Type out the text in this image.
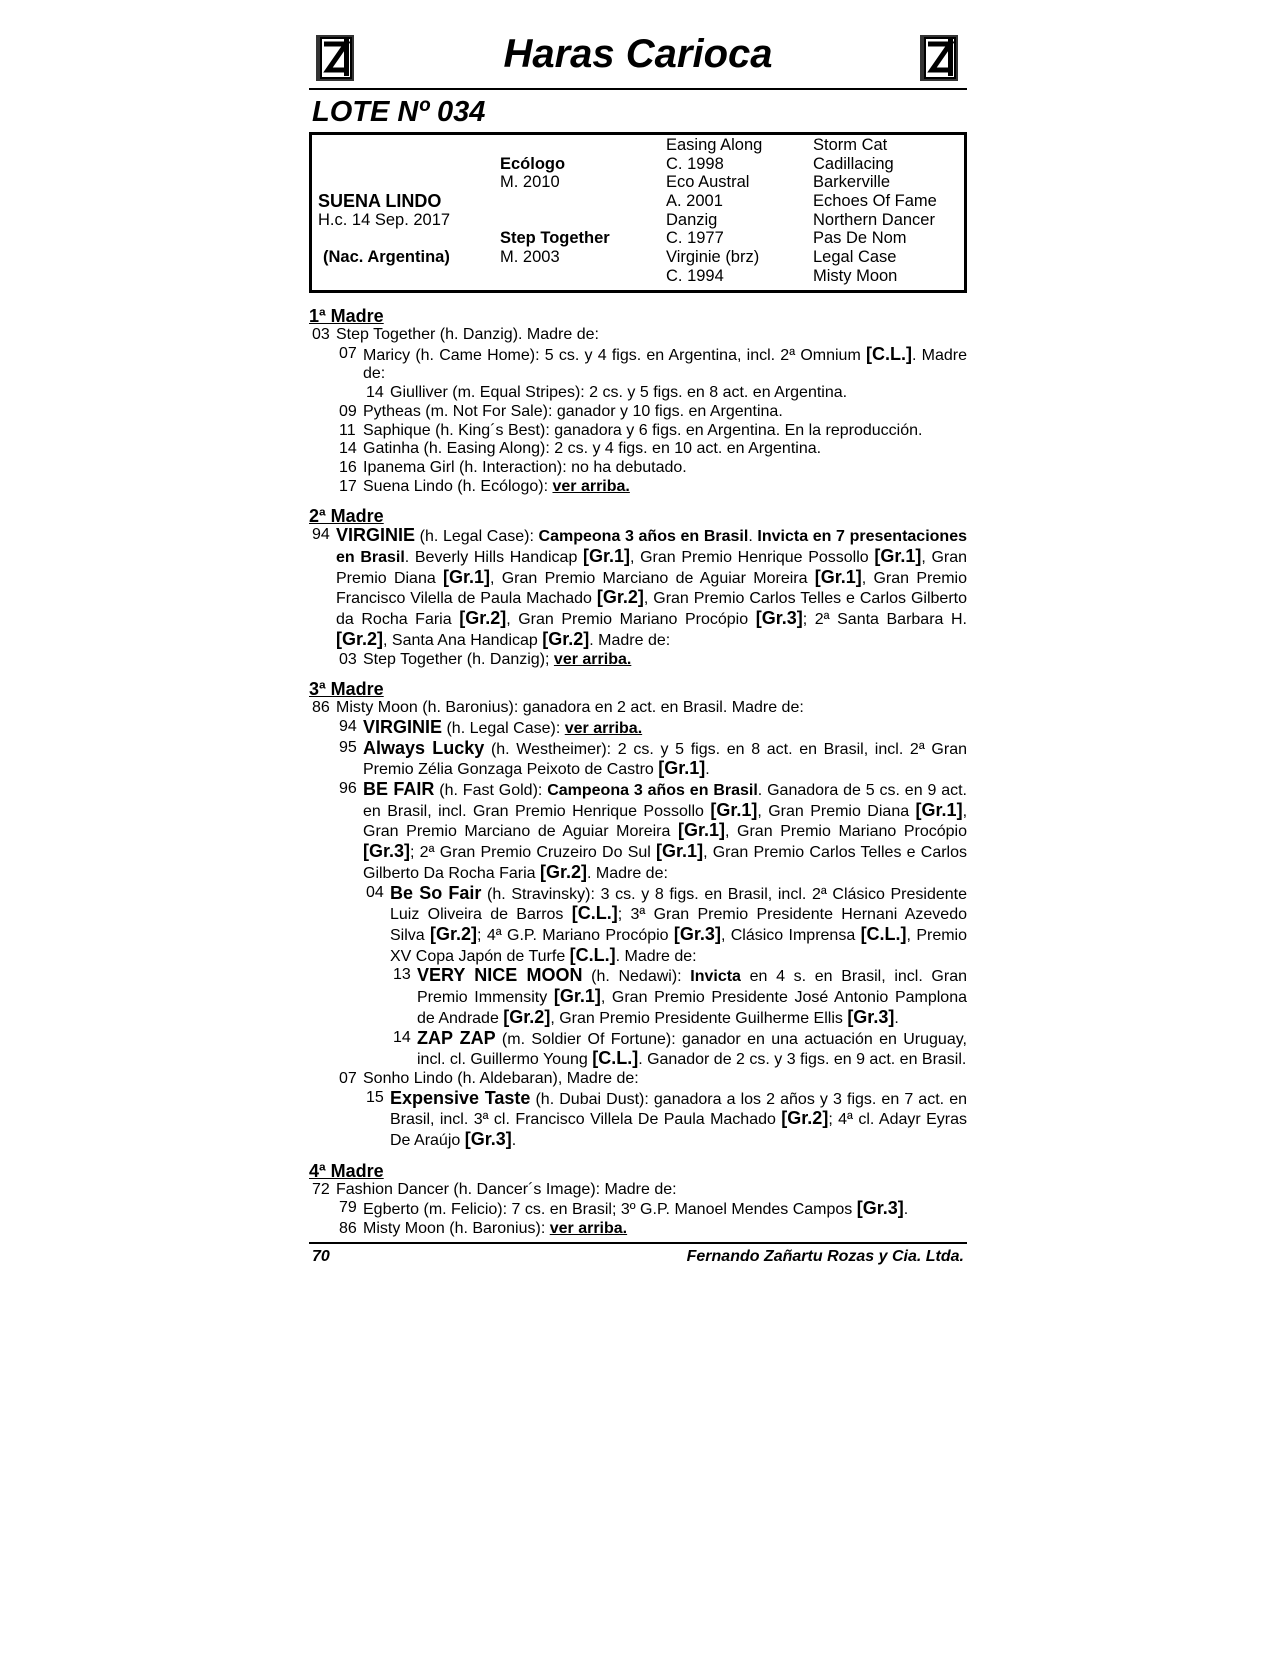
Haras Carioca
LOTE Nº 034
SUENA LINDO
H.c. 14 Sep. 2017
(Nac. Argentina)
Ecólogo
M. 2010
Step Together
M. 2003
Easing Along
C. 1998
Eco Austral
A. 2001
Danzig
C. 1977
Virginie (brz)
C. 1994
Storm Cat
Cadillacing
Barkerville
Echoes Of Fame
Northern Dancer
Pas De Nom
Legal Case
Misty Moon
1ª Madre
03 Step Together (h. Danzig). Madre de:
07 Maricy (h. Came Home): 5 cs. y 4 figs. en Argentina, incl. 2ª Omnium [C.L.]. Madre de:
14 Giulliver (m. Equal Stripes): 2 cs. y 5 figs. en 8 act. en Argentina.
09 Pytheas (m. Not For Sale): ganador y 10 figs. en Argentina.
11 Saphique (h. King´s Best): ganadora y 6 figs. en Argentina. En la reproducción.
14 Gatinha (h. Easing Along): 2 cs. y 4 figs. en 10 act. en Argentina.
16 Ipanema Girl (h. Interaction): no ha debutado.
17 Suena Lindo (h. Ecólogo): ver arriba.
2ª Madre
94 VIRGINIE (h. Legal Case): Campeona 3 años en Brasil. Invicta en 7 presentaciones en Brasil. Beverly Hills Handicap [Gr.1], Gran Premio Henrique Possollo [Gr.1], Gran Premio Diana [Gr.1], Gran Premio Marciano de Aguiar Moreira [Gr.1], Gran Premio Francisco Vilella de Paula Machado [Gr.2], Gran Premio Carlos Telles e Carlos Gilberto da Rocha Faria [Gr.2], Gran Premio Mariano Procópio [Gr.3]; 2ª Santa Barbara H. [Gr.2], Santa Ana Handicap [Gr.2]. Madre de:
03 Step Together (h. Danzig); ver arriba.
3ª Madre
86 Misty Moon (h. Baronius): ganadora en 2 act. en Brasil. Madre de:
94 VIRGINIE (h. Legal Case): ver arriba.
95 Always Lucky (h. Westheimer): 2 cs. y 5 figs. en 8 act. en Brasil, incl. 2ª Gran Premio Zélia Gonzaga Peixoto de Castro [Gr.1].
96 BE FAIR (h. Fast Gold): Campeona 3 años en Brasil. Ganadora de 5 cs. en 9 act. en Brasil, incl. Gran Premio Henrique Possollo [Gr.1], Gran Premio Diana [Gr.1], Gran Premio Marciano de Aguiar Moreira [Gr.1], Gran Premio Mariano Procópio [Gr.3]; 2ª Gran Premio Cruzeiro Do Sul [Gr.1], Gran Premio Carlos Telles e Carlos Gilberto Da Rocha Faria [Gr.2]. Madre de:
04 Be So Fair (h. Stravinsky): 3 cs. y 8 figs. en Brasil, incl. 2ª Clásico Presidente Luiz Oliveira de Barros [C.L.]; 3ª Gran Premio Presidente Hernani Azevedo Silva [Gr.2]; 4ª G.P. Mariano Procópio [Gr.3], Clásico Imprensa [C.L.], Premio XV Copa Japón de Turfe [C.L.]. Madre de:
13 VERY NICE MOON (h. Nedawi): Invicta en 4 s. en Brasil, incl. Gran Premio Immensity [Gr.1], Gran Premio Presidente José Antonio Pamplona de Andrade [Gr.2], Gran Premio Presidente Guilherme Ellis [Gr.3].
14 ZAP ZAP (m. Soldier Of Fortune): ganador en una actuación en Uruguay, incl. cl. Guillermo Young [C.L.]. Ganador de 2 cs. y 3 figs. en 9 act. en Brasil.
07 Sonho Lindo (h. Aldebaran), Madre de:
15 Expensive Taste (h. Dubai Dust): ganadora a los 2 años y 3 figs. en 7 act. en Brasil, incl. 3ª cl. Francisco Villela De Paula Machado [Gr.2]; 4ª cl. Adayr Eyras De Araújo [Gr.3].
4ª Madre
72 Fashion Dancer (h. Dancer´s Image): Madre de:
79 Egberto (m. Felicio): 7 cs. en Brasil; 3º G.P. Manoel Mendes Campos [Gr.3].
86 Misty Moon (h. Baronius): ver arriba.
70	Fernando Zañartu Rozas y Cia. Ltda.
